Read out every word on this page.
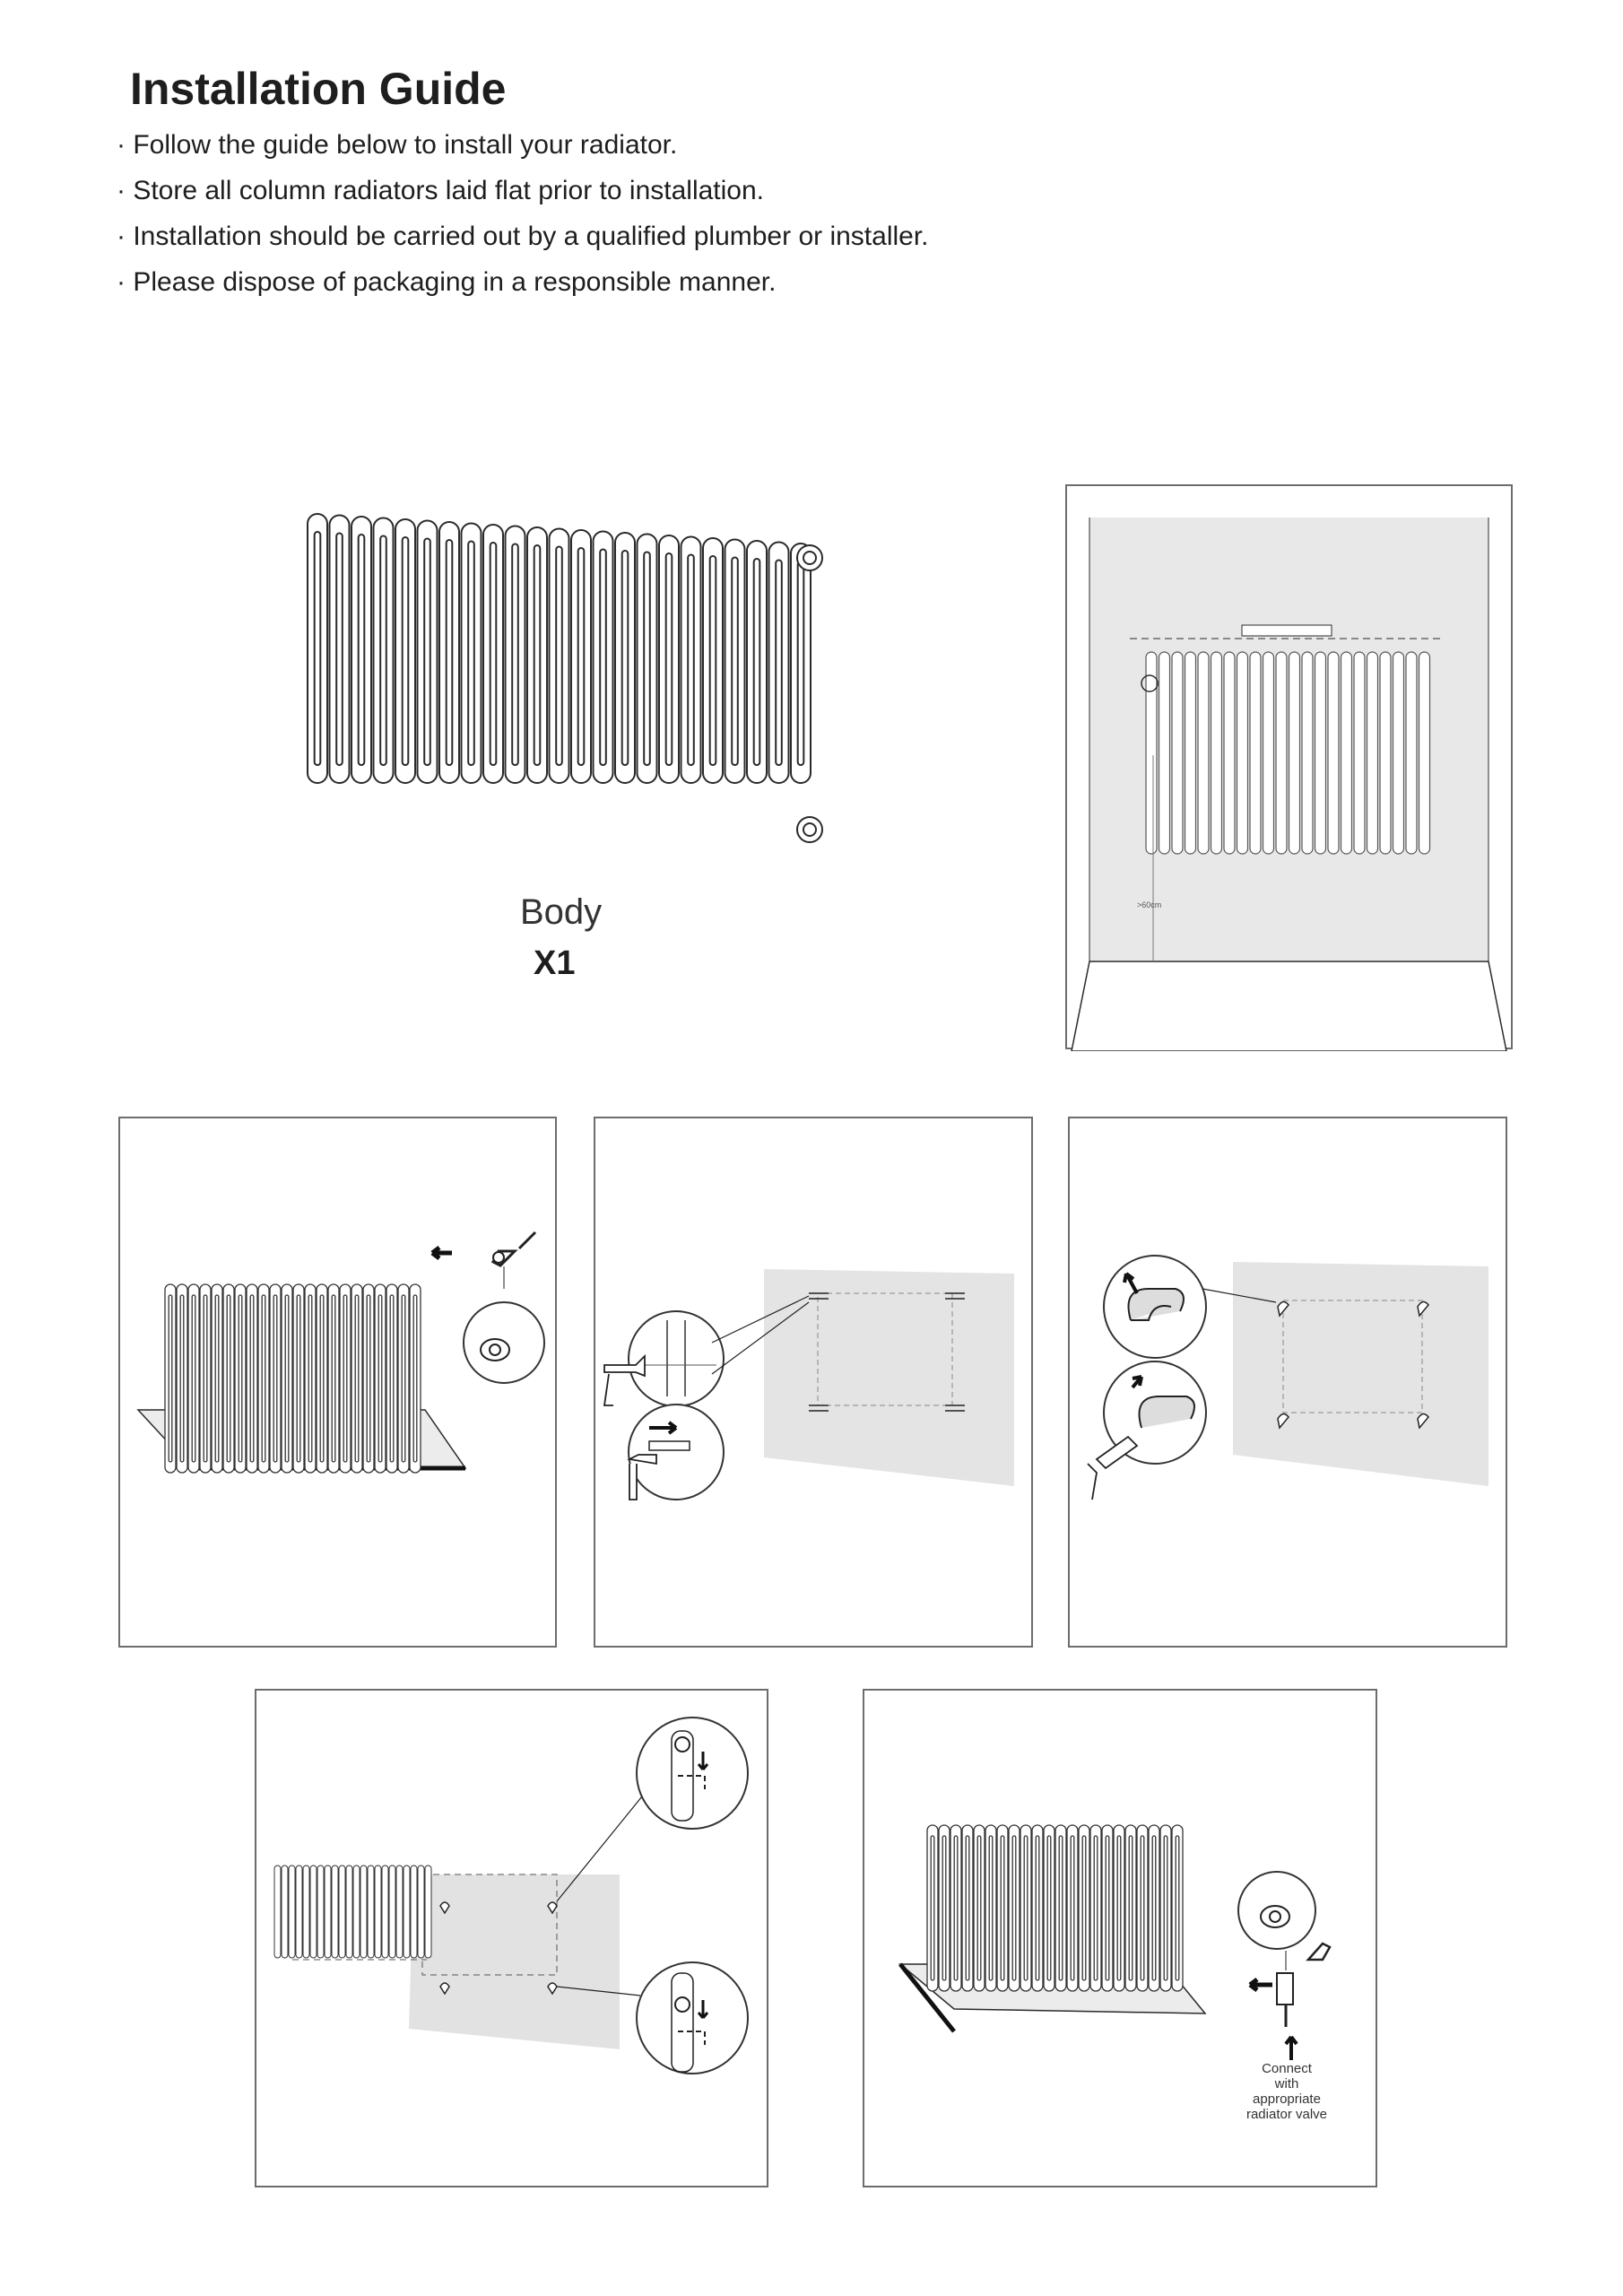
Installation Guide
· Follow the guide below to install your radiator.
· Store all column radiators laid flat prior to installation.
· Installation should be carried out by a qualified plumber or installer.
· Please dispose of packaging in a responsible manner.
Body
X1
>60cm
Connect
with
appropriate
radiator valve
